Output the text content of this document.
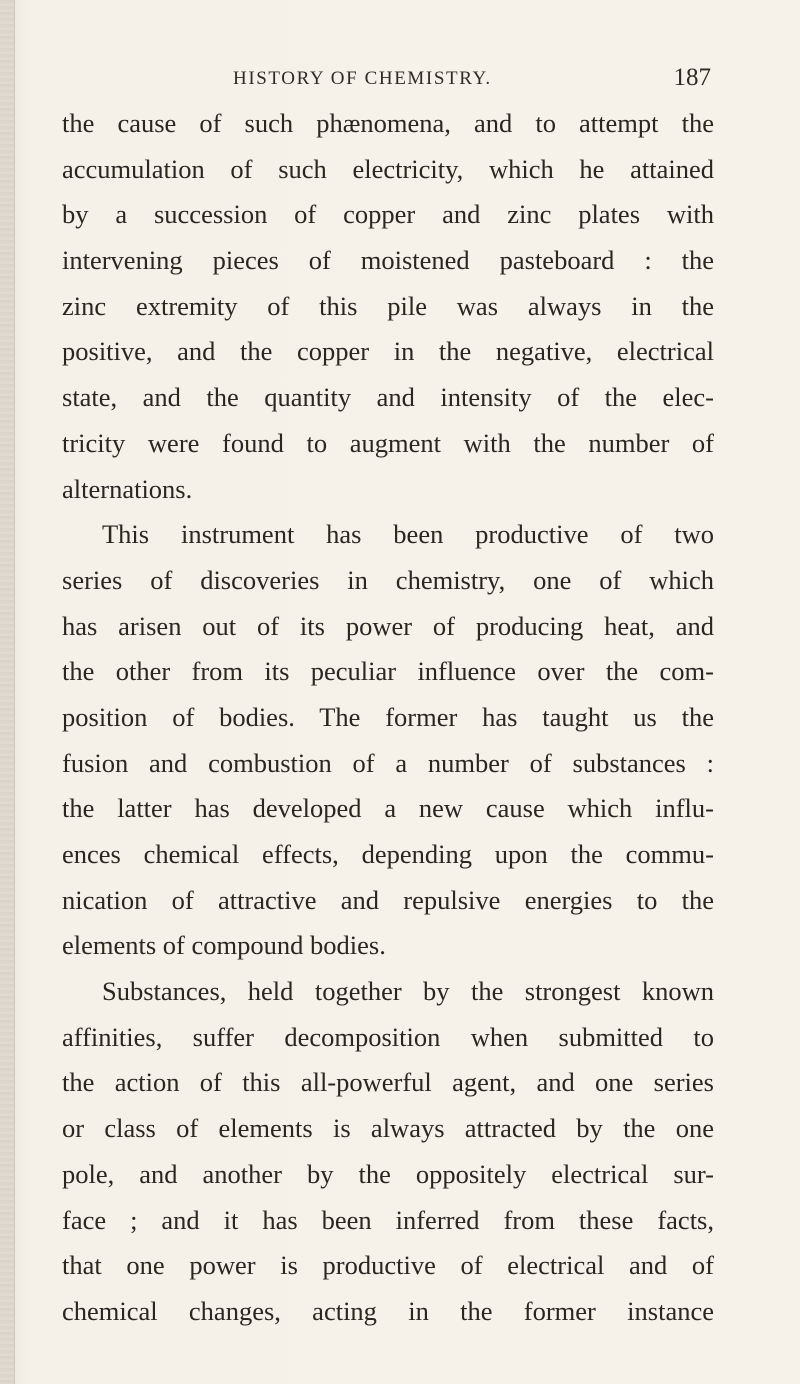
HISTORY OF CHEMISTRY.	187
the cause of such phænomena, and to attempt the
accumulation of such electricity, which he attained
by a succession of copper and zinc plates with
intervening pieces of moistened pasteboard : the
zinc extremity of this pile was always in the
positive, and the copper in the negative, electrical
state, and the quantity and intensity of the elec-
tricity were found to augment with the number of
alternations.
This instrument has been productive of two
series of discoveries in chemistry, one of which
has arisen out of its power of producing heat, and
the other from its peculiar influence over the com-
position of bodies. The former has taught us the
fusion and combustion of a number of substances :
the latter has developed a new cause which influ-
ences chemical effects, depending upon the commu-
nication of attractive and repulsive energies to the
elements of compound bodies.
Substances, held together by the strongest known
affinities, suffer decomposition when submitted to
the action of this all-powerful agent, and one series
or class of elements is always attracted by the one
pole, and another by the oppositely electrical sur-
face ; and it has been inferred from these facts,
that one power is productive of electrical and of
chemical changes, acting in the former instance
